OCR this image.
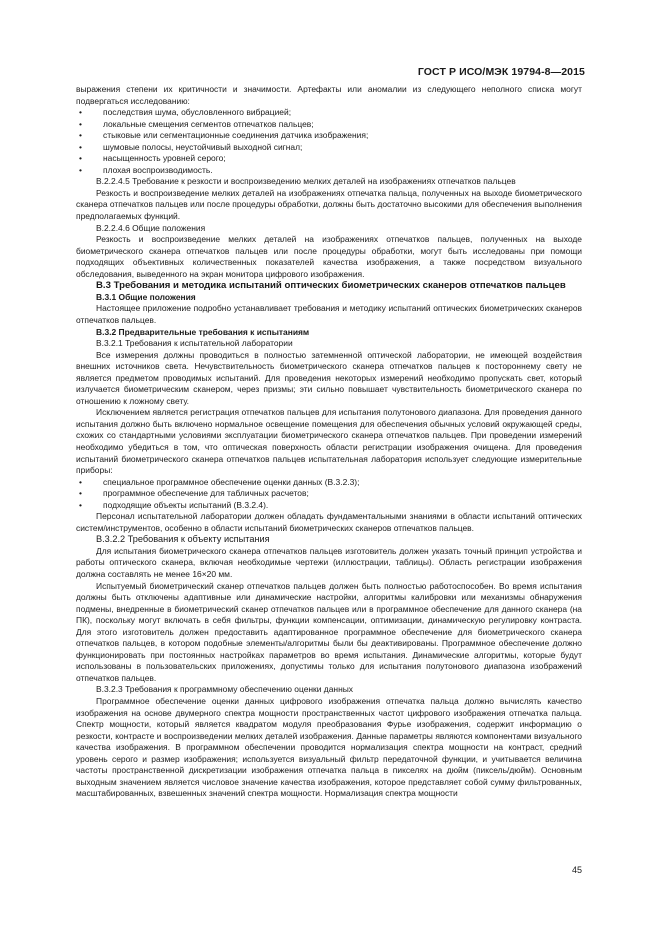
ГОСТ Р ИСО/МЭК 19794-8—2015

выражения степени их критичности и значимости. Артефакты или аномалии из следующего неполного списка могут подвергаться исследованию:

• последствия шума, обусловленного вибрацией;
• локальные смещения сегментов отпечатков пальцев;
• стыковые или сегментационные соединения датчика изображения;
• шумовые полосы, неустойчивый выходной сигнал;
• насыщенность уровней серого;
• плохая воспроизводимость.

В.2.2.4.5 Требование к резкости и воспроизведению мелких деталей на изображениях отпечатков пальцев

Резкость и воспроизведение мелких деталей на изображениях отпечатка пальца, полученных на выходе биометрического сканера отпечатков пальцев или после процедуры обработки, должны быть достаточно высокими для обеспечения выполнения предполагаемых функций.

В.2.2.4.6 Общие положения

Резкость и воспроизведение мелких деталей на изображениях отпечатков пальцев, полученных на выходе биометрического сканера отпечатков пальцев или после процедуры обработки, могут быть исследованы при помощи подходящих объективных количественных показателей качества изображения, а также посредством визуального обследования, выведенного на экран монитора цифрового изображения.

В.3 Требования и методика испытаний оптических биометрических сканеров отпечатков пальцев

В.3.1 Общие положения

Настоящее приложение подробно устанавливает требования и методику испытаний оптических биометрических сканеров отпечатков пальцев.

В.3.2 Предварительные требования к испытаниям

В.3.2.1 Требования к испытательной лаборатории

Все измерения должны проводиться в полностью затемненной оптической лаборатории, не имеющей воздействия внешних источников света. Нечувствительность биометрического сканера отпечатков пальцев к постороннему свету не является предметом проводимых испытаний. Для проведения некоторых измерений необходимо пропускать свет, который излучается биометрическим сканером, через призмы; эти сильно повышает чувствительность биометрического сканера по отношению к ложному свету.

Исключением является регистрация отпечатков пальцев для испытания полутонового диапазона. Для проведения данного испытания должно быть включено нормальное освещение помещения для обеспечения обычных условий окружающей среды, схожих со стандартными условиями эксплуатации биометрического сканера отпечатков пальцев. При проведении измерений необходимо убедиться в том, что оптическая поверхность области регистрации изображения очищена. Для проведения испытаний биометрического сканера отпечатков пальцев испытательная лаборатория использует следующие измерительные приборы:

• специальное программное обеспечение оценки данных (В.3.2.3);
• программное обеспечение для табличных расчетов;
• подходящие объекты испытаний (В.3.2.4).

Персонал испытательной лаборатории должен обладать фундаментальными знаниями в области испытаний оптических систем/инструментов, особенно в области испытаний биометрических сканеров отпечатков пальцев.

В.3.2.2 Требования к объекту испытания

Для испытания биометрического сканера отпечатков пальцев изготовитель должен указать точный принцип устройства и работы оптического сканера, включая необходимые чертежи (иллюстрации, таблицы). Область регистрации изображения должна составлять не менее 16×20 мм.

Испытуемый биометрический сканер отпечатков пальцев должен быть полностью работоспособен. Во время испытания должны быть отключены адаптивные или динамические настройки, алгоритмы калибровки или механизмы обнаружения подмены, внедренные в биометрический сканер отпечатков пальцев или в программное обеспечение для данного сканера (на ПК), поскольку могут включать в себя фильтры, функции компенсации, оптимизации, динамическую регулировку контраста. Для этого изготовитель должен предоставить адаптированное программное обеспечение для биометрического сканера отпечатков пальцев, в котором подобные элементы/алгоритмы были бы деактивированы. Программное обеспечение должно функционировать при постоянных настройках параметров во время испытания. Динамические алгоритмы, которые будут использованы в пользовательских приложениях, допустимы только для испытания полутонового диапазона изображений отпечатков пальцев.

В.3.2.3 Требования к программному обеспечению оценки данных

Программное обеспечение оценки данных цифрового изображения отпечатка пальца должно вычислять качество изображения на основе двумерного спектра мощности пространственных частот цифрового изображения отпечатка пальца. Спектр мощности, который является квадратом модуля преобразования Фурье изображения, содержит информацию о резкости, контрасте и воспроизведении мелких деталей изображения. Данные параметры являются компонентами визуального качества изображения. В программном обеспечении проводится нормализация спектра мощности на контраст, средний уровень серого и размер изображения; используется визуальный фильтр передаточной функции, и учитывается величина частоты пространственной дискретизации изображения отпечатка пальца в пикселях на дюйм (пиксель/дюйм). Основным выходным значением является числовое значение качества изображения, которое представляет собой сумму фильтрованных, масштабированных, взвешенных значений спектра мощности. Нормализация спектра мощности

45
